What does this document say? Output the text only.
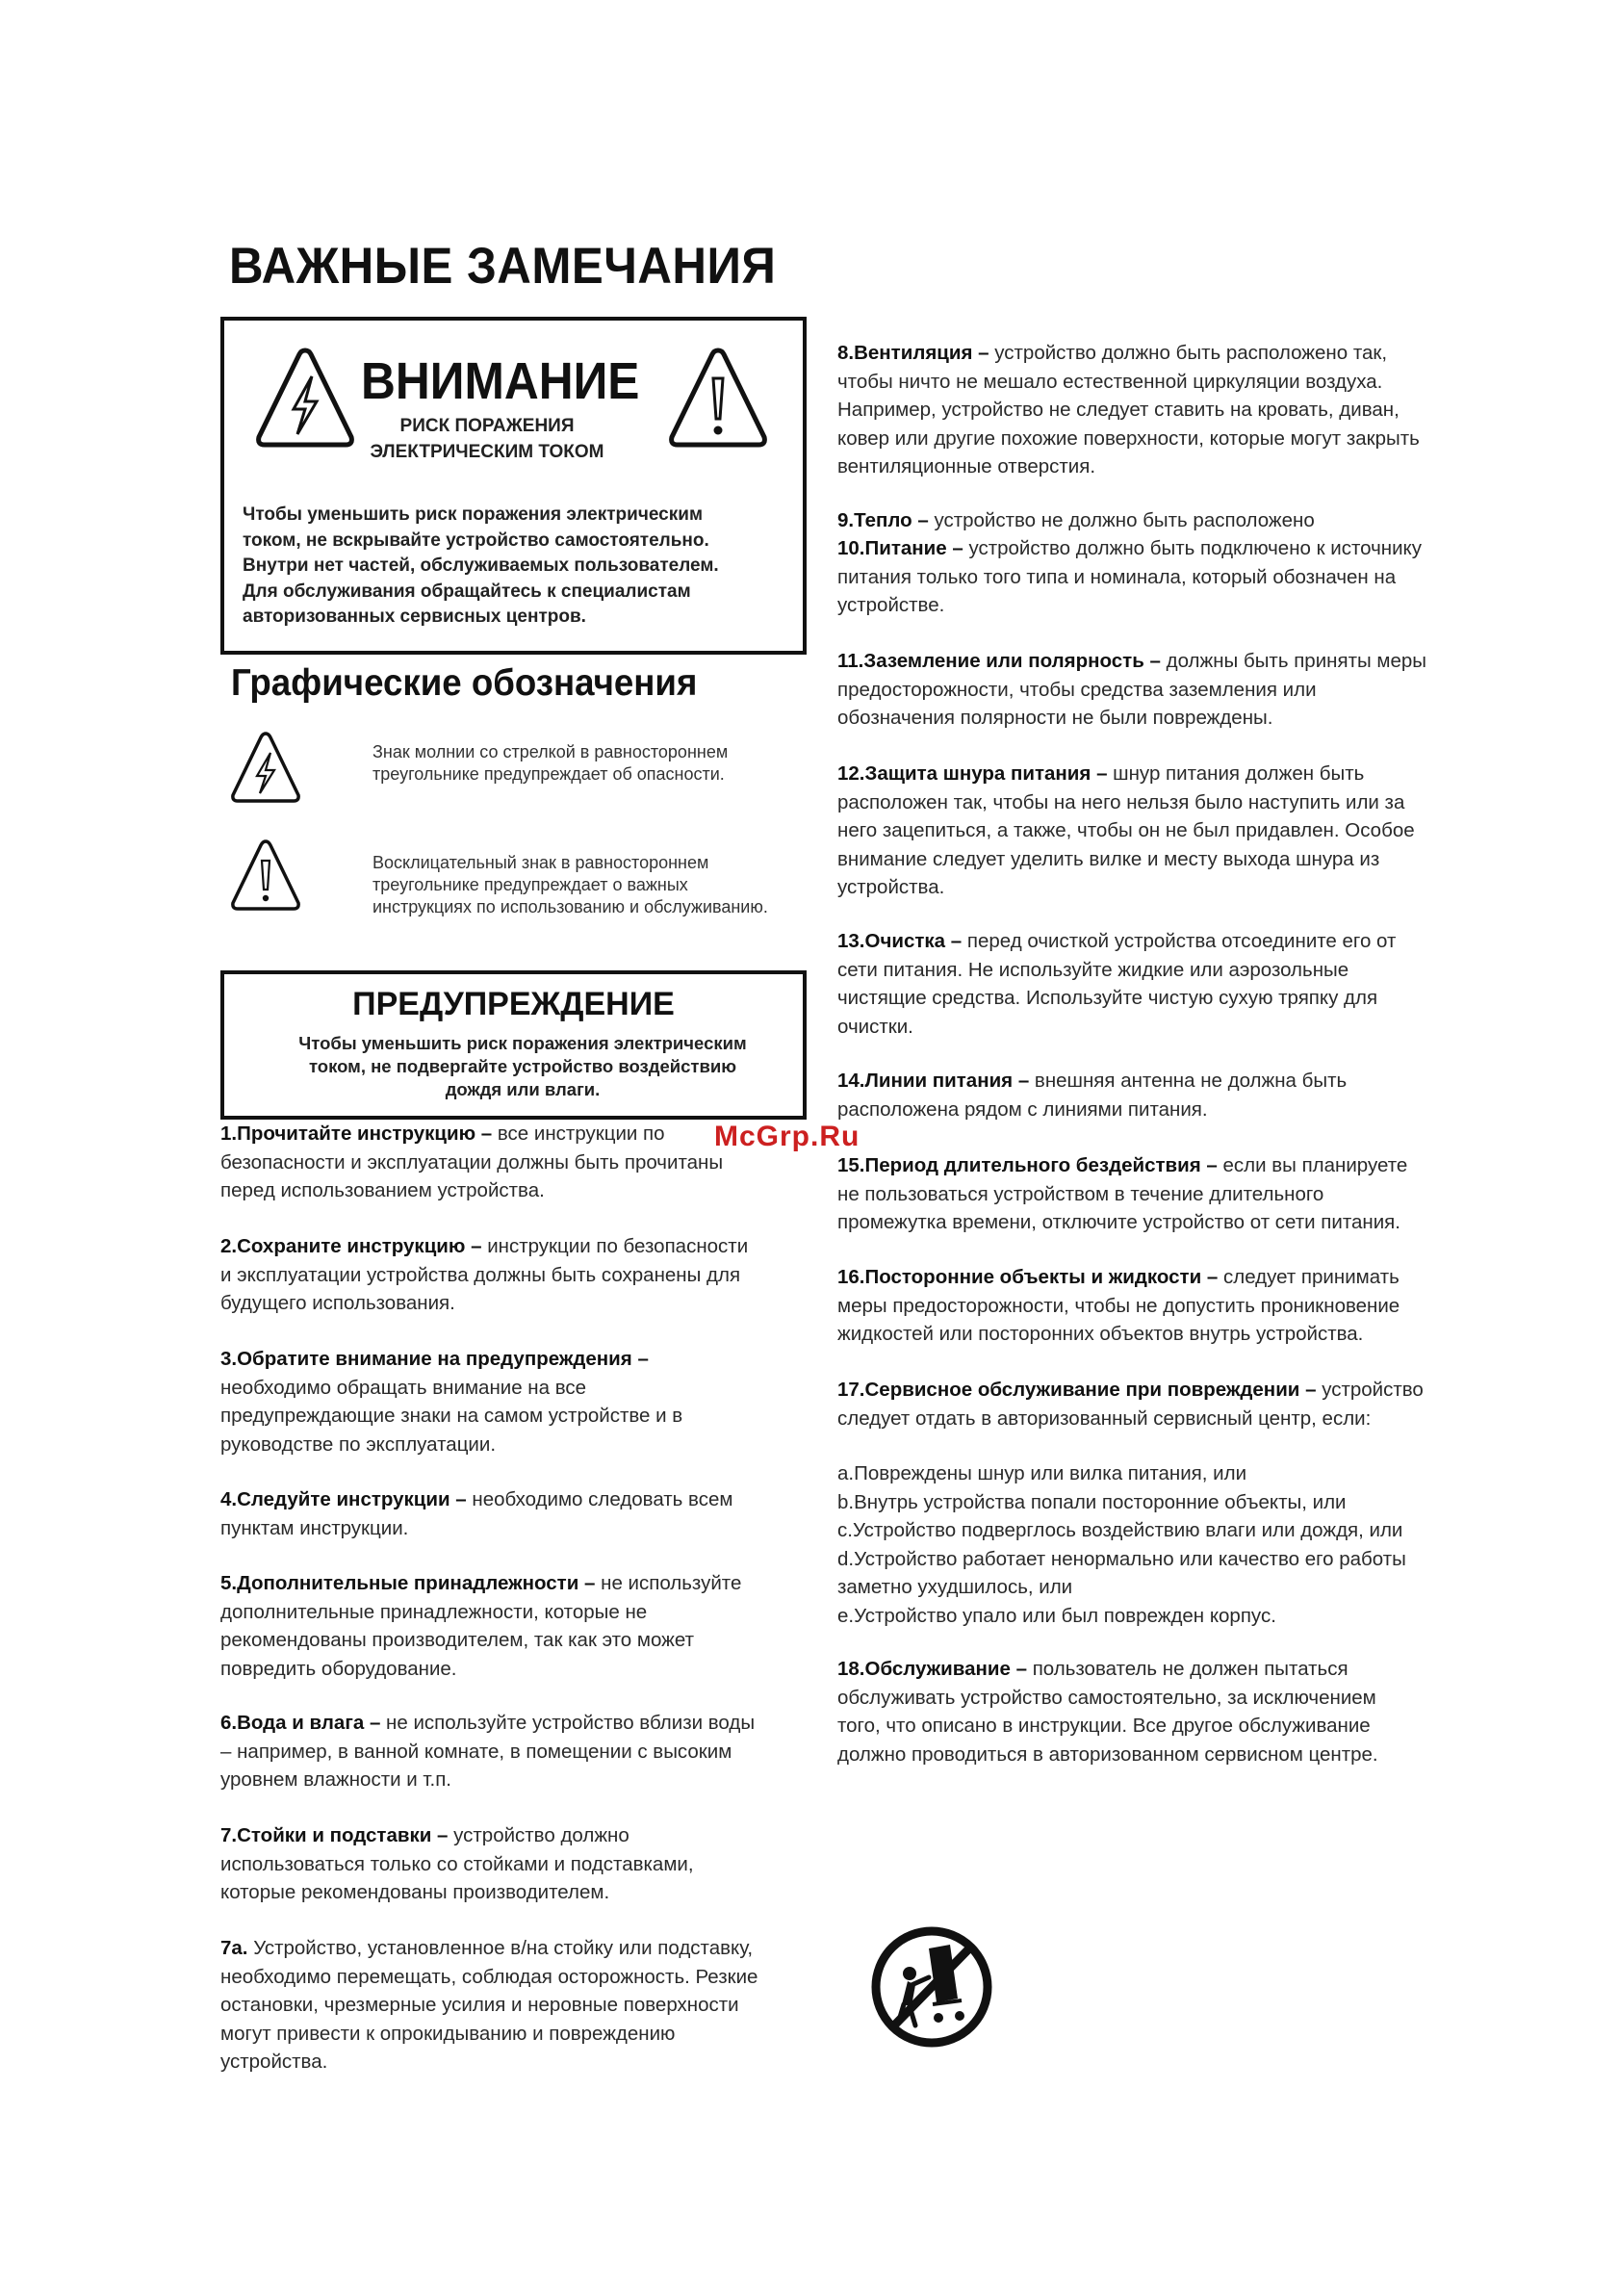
ВАЖНЫЕ ЗАМЕЧАНИЯ
ВНИМАНИЕ
РИСК ПОРАЖЕНИЯ
ЭЛЕКТРИЧЕСКИМ ТОКОМ
Чтобы уменьшить риск поражения электрическим
током, не вскрывайте устройство самостоятельно.
Внутри нет частей, обслуживаемых пользователем.
Для обслуживания обращайтесь к специалистам
авторизованных сервисных центров.
Графические обозначения
Знак молнии со стрелкой в равностороннем
треугольнике предупреждает об опасности.
Восклицательный знак в равностороннем
треугольнике предупреждает о важных
инструкциях по использованию и обслуживанию.
ПРЕДУПРЕЖДЕНИЕ
Чтобы уменьшить риск поражения электрическим
током, не подвергайте устройство воздействию
дождя или влаги.
1.Прочитайте инструкцию – все инструкции по
безопасности и эксплуатации должны быть прочитаны
перед использованием устройства.
2.Сохраните инструкцию – инструкции по безопасности
и эксплуатации устройства должны быть сохранены для
будущего использования.
3.Обратите внимание на предупреждения –
необходимо обращать внимание на все
предупреждающие знаки на самом устройстве и в
руководстве по эксплуатации.
4.Следуйте инструкции – необходимо следовать всем
пунктам инструкции.
5.Дополнительные принадлежности – не используйте
дополнительные принадлежности, которые не
рекомендованы производителем, так как это может
повредить оборудование.
6.Вода и влага – не используйте устройство вблизи воды
– например, в ванной комнате, в помещении с высоким
уровнем влажности и т.п.
7.Стойки и подставки – устройство должно
использоваться только со стойками и подставками,
которые рекомендованы производителем.
7a. Устройство, установленное в/на стойку или подставку,
необходимо перемещать, соблюдая осторожность. Резкие
остановки, чрезмерные усилия и неровные поверхности
могут привести к опрокидыванию и повреждению
устройства.
8.Вентиляция – устройство должно быть расположено так,
чтобы ничто не мешало естественной циркуляции воздуха.
Например, устройство не следует ставить на кровать, диван,
ковер или другие похожие поверхности, которые могут закрыть
вентиляционные отверстия.
9.Тепло – устройство не должно быть расположено
10.Питание – устройство должно быть подключено к источнику
питания только того типа и номинала, который обозначен на
устройстве.
11.Заземление или полярность – должны быть приняты меры
предосторожности, чтобы средства заземления или
обозначения полярности не были повреждены.
12.Защита шнура питания – шнур питания должен быть
расположен так, чтобы на него нельзя было наступить или за
него зацепиться, а также, чтобы он не был придавлен. Особое
внимание следует уделить вилке и месту выхода шнура из
устройства.
13.Очистка – перед очисткой устройства отсоедините его от
сети питания. Не используйте жидкие или аэрозольные
чистящие средства. Используйте чистую сухую тряпку для
очистки.
14.Линии питания – внешняя антенна не должна быть
расположена рядом с линиями питания.
15.Период длительного бездействия – если вы планируете
не пользоваться устройством в течение длительного
промежутка времени, отключите устройство от сети питания.
16.Посторонние объекты и жидкости – следует принимать
меры предосторожности, чтобы не допустить проникновение
жидкостей или посторонних объектов внутрь устройства.
17.Сервисное обслуживание при повреждении – устройство
следует отдать в авторизованный сервисный центр, если:
a.Повреждены шнур или вилка питания, или
b.Внутрь устройства попали посторонние объекты, или
c.Устройство подверглось воздействию влаги или дождя, или
d.Устройство работает ненормально или качество его работы
заметно ухудшилось, или
e.Устройство упало или был поврежден корпус.
18.Обслуживание – пользователь не должен пытаться
обслуживать устройство самостоятельно, за исключением
того, что описано в инструкции. Все другое обслуживание
должно проводиться в авторизованном сервисном центре.
McGrp.Ru
